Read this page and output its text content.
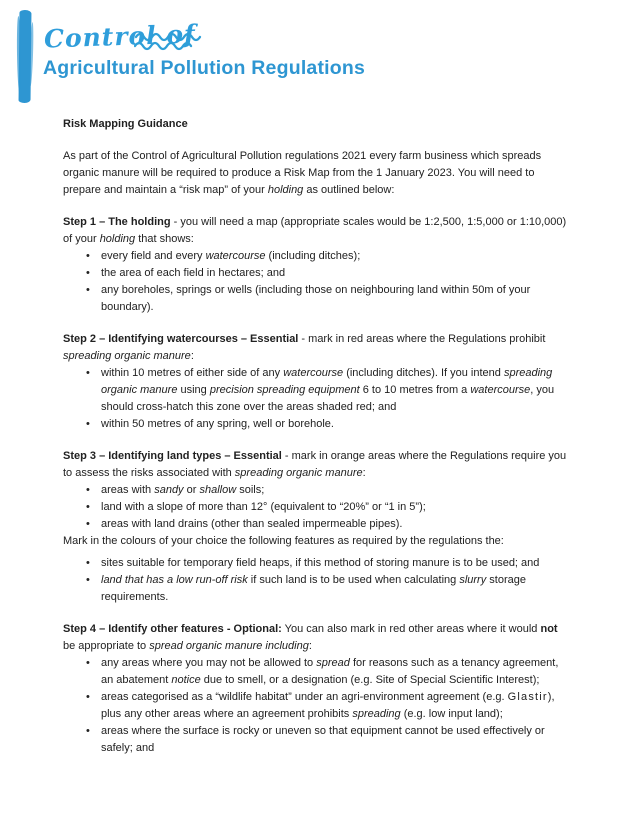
Control of
Agricultural Pollution Regulations

Risk Mapping Guidance

As part of the Control of Agricultural Pollution regulations 2021 every farm business which spreads organic manure will be required to produce a Risk Map from the 1 January 2023. You will need to prepare and maintain a “risk map” of your holding as outlined below:

Step 1 – The holding - you will need a map (appropriate scales would be 1:2,500, 1:5,000 or 1:10,000) of your holding that shows:

• every field and every watercourse (including ditches);
• the area of each field in hectares; and
• any boreholes, springs or wells (including those on neighbouring land within 50m of your boundary).

Step 2 – Identifying watercourses – Essential - mark in red areas where the Regulations prohibit spreading organic manure:

• within 10 metres of either side of any watercourse (including ditches). If you intend spreading organic manure using precision spreading equipment 6 to 10 metres from a watercourse, you should cross-hatch this zone over the areas shaded red; and
• within 50 metres of any spring, well or borehole.

Step 3 – Identifying land types – Essential - mark in orange areas where the Regulations require you to assess the risks associated with spreading organic manure:

• areas with sandy or shallow soils;
• land with a slope of more than 12° (equivalent to “20%” or “1 in 5”);
• areas with land drains (other than sealed impermeable pipes).

Mark in the colours of your choice the following features as required by the regulations the:

• sites suitable for temporary field heaps, if this method of storing manure is to be used; and
• land that has a low run-off risk if such land is to be used when calculating slurry storage requirements.

Step 4 – Identify other features - Optional: You can also mark in red other areas where it would not be appropriate to spread organic manure including:

• any areas where you may not be allowed to spread for reasons such as a tenancy agreement, an abatement notice due to smell, or a designation (e.g. Site of Special Scientific Interest);
• areas categorised as a “wildlife habitat” under an agri-environment agreement (e.g. Glastir), plus any other areas where an agreement prohibits spreading (e.g. low input land);
• areas where the surface is rocky or uneven so that equipment cannot be used effectively or safely; and
